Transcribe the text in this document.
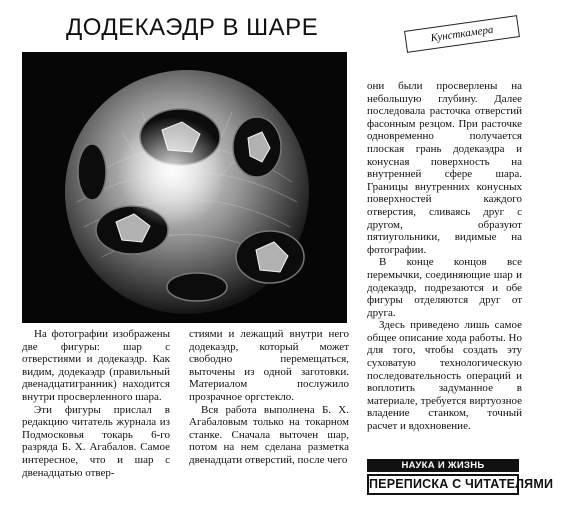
ДОДЕКАЭДР В ШАРЕ	Кунсткамера

На фотографии изображены две фигуры: шар с отверстиями и додекаэдр. Как видим, додекаэдр (правильный двенадцатигранник) находится внутри просверленного шара.

Эти фигуры прислал в редакцию читатель журнала из Подмосковья токарь 6-го разряда Б. Х. Агабалов. Самое интересное, что и шар с двенадцатью отвер-

стиями и лежащий внутри него додекаэдр, который может свободно перемещаться, выточены из одной заготовки. Материалом послужило прозрачное оргстекло.

Вся работа выполнена Б. Х. Агабаловым только на токарном станке. Сначала выточен шар, потом на нем сделана разметка двенадцати отверстий, после чего

они были просверлены на небольшую глубину. Далее последовала расточка отверстий фасонным резцом. При расточке одновременно получается плоская грань додекаэдра и конусная поверхность на внутренней сфере шара. Границы внутренних конусных поверхностей каждого отверстия, сливаясь друг с другом, образуют пятиугольники, видимые на фотографии.

В конце концов все перемычки, соединяющие шар и додекаэдр, подрезаются и обе фигуры отделяются друг от друга.

Здесь приведено лишь самое общее описание хода работы. Но для того, чтобы создать эту суховатую технологическую последовательность операций и воплотить задуманное в материале, требуется виртуозное владение станком, точный расчет и вдохновение.

НАУКА И ЖИЗНЬ
ПЕРЕПИСКА С ЧИТАТЕЛЯМИ
